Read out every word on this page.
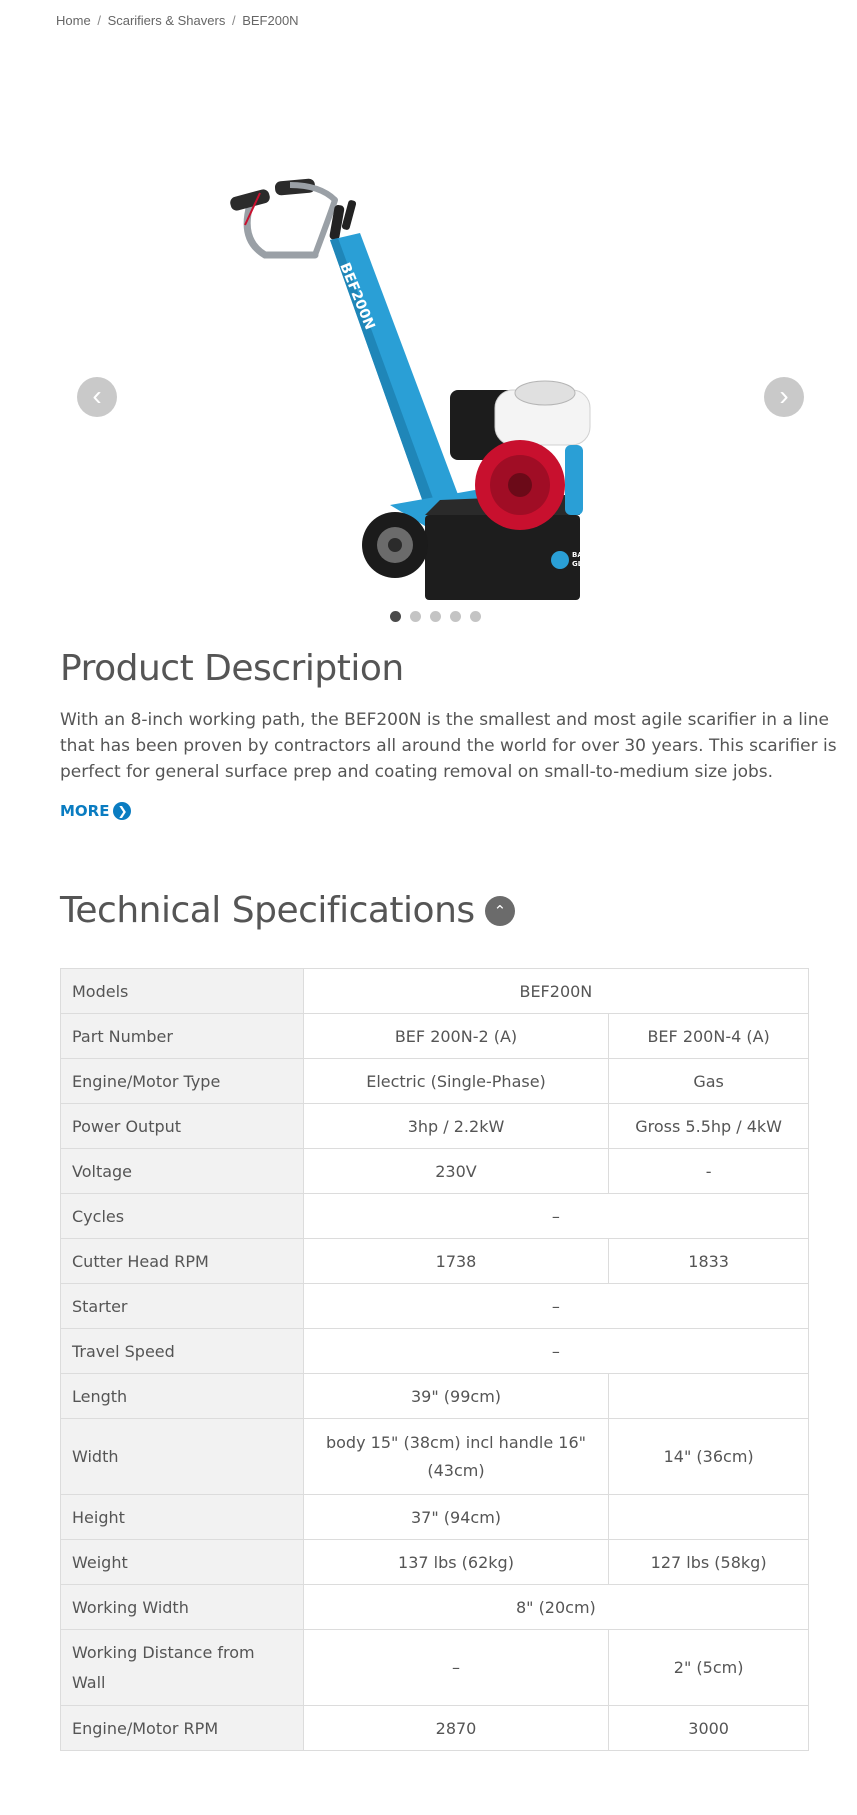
Home / Scarifiers & Shavers / BEF200N
BEF200N
BARTELL
GLOBAL
‹	›
Product Description
With an 8-inch working path, the BEF200N is the smallest and most agile scarifier in a line that has been proven by contractors all around the world for over 30 years. This scarifier is perfect for general surface prep and coating removal on small-to-medium size jobs.
MORE ❯
Technical Specifications	⌃
Models	BEF200N	
Part Number	BEF 200N-2 (A)	BEF 200N-4 (A)
Engine/Motor Type	Electric (Single-Phase)	Gas
Power Output	3hp / 2.2kW	Gross 5.5hp / 4kW
Voltage	230V	-
Cycles	–	
Cutter Head RPM	1738	1833
Starter	–	
Travel Speed	–	
Length	39" (99cm)	
Width	body 15" (38cm) incl handle 16" (43cm)	14" (36cm)
Height	37" (94cm)	
Weight	137 lbs (62kg)	127 lbs (58kg)
Working Width	8" (20cm)	
Working Distance from Wall	–	2" (5cm)
Engine/Motor RPM	2870	3000
